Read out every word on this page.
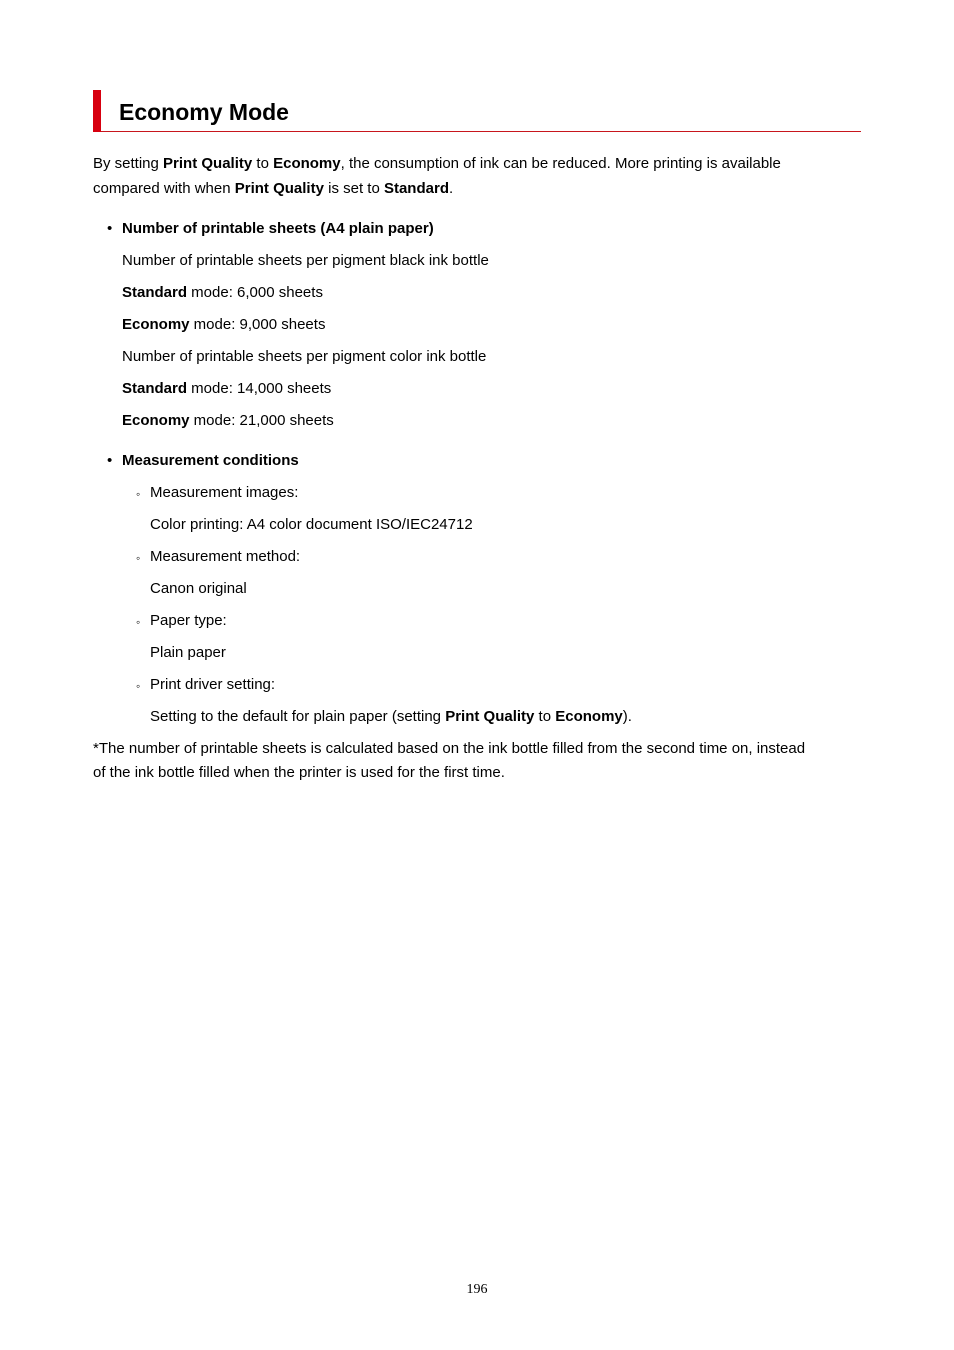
Economy Mode
By setting Print Quality to Economy, the consumption of ink can be reduced. More printing is available
compared with when Print Quality is set to Standard.
• Number of printable sheets (A4 plain paper)
Number of printable sheets per pigment black ink bottle
Standard mode: 6,000 sheets
Economy mode: 9,000 sheets
Number of printable sheets per pigment color ink bottle
Standard mode: 14,000 sheets
Economy mode: 21,000 sheets
• Measurement conditions
◦ Measurement images:
Color printing: A4 color document ISO/IEC24712
◦ Measurement method:
Canon original
◦ Paper type:
Plain paper
◦ Print driver setting:
Setting to the default for plain paper (setting Print Quality to Economy).
*The number of printable sheets is calculated based on the ink bottle filled from the second time on, instead
of the ink bottle filled when the printer is used for the first time.
196
